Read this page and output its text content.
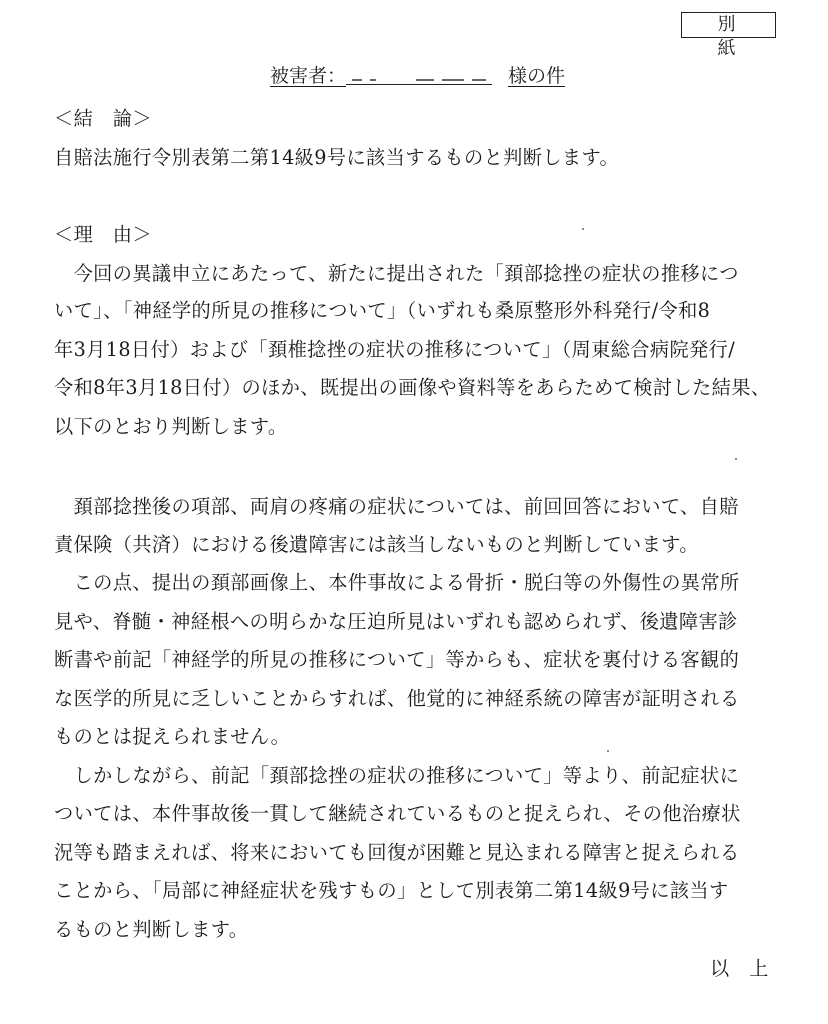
別 紙
被害者：	様の件
＜結　論＞
自賠法施行令別表第二第14級9号に該当するものと判断します。
＜理　由＞
　今回の異議申立にあたって、新たに提出された「頚部捻挫の症状の推移につ
いて」、「神経学的所見の推移について」（いずれも桑原整形外科発行/令和8
年3月18日付）および「頚椎捻挫の症状の推移について」（周東総合病院発行/
令和8年3月18日付）のほか、既提出の画像や資料等をあらためて検討した結果、
以下のとおり判断します。
　頚部捻挫後の項部、両肩の疼痛の症状については、前回回答において、自賠
責保険（共済）における後遺障害には該当しないものと判断しています。
　この点、提出の頚部画像上、本件事故による骨折・脱臼等の外傷性の異常所
見や、脊髄・神経根への明らかな圧迫所見はいずれも認められず、後遺障害診
断書や前記「神経学的所見の推移について」等からも、症状を裏付ける客観的
な医学的所見に乏しいことからすれば、他覚的に神経系統の障害が証明される
ものとは捉えられません。
　しかしながら、前記「頚部捻挫の症状の推移について」等より、前記症状に
ついては、本件事故後一貫して継続されているものと捉えられ、その他治療状
況等も踏まえれば、将来においても回復が困難と見込まれる障害と捉えられる
ことから、「局部に神経症状を残すもの」として別表第二第14級9号に該当す
るものと判断します。
以　上
